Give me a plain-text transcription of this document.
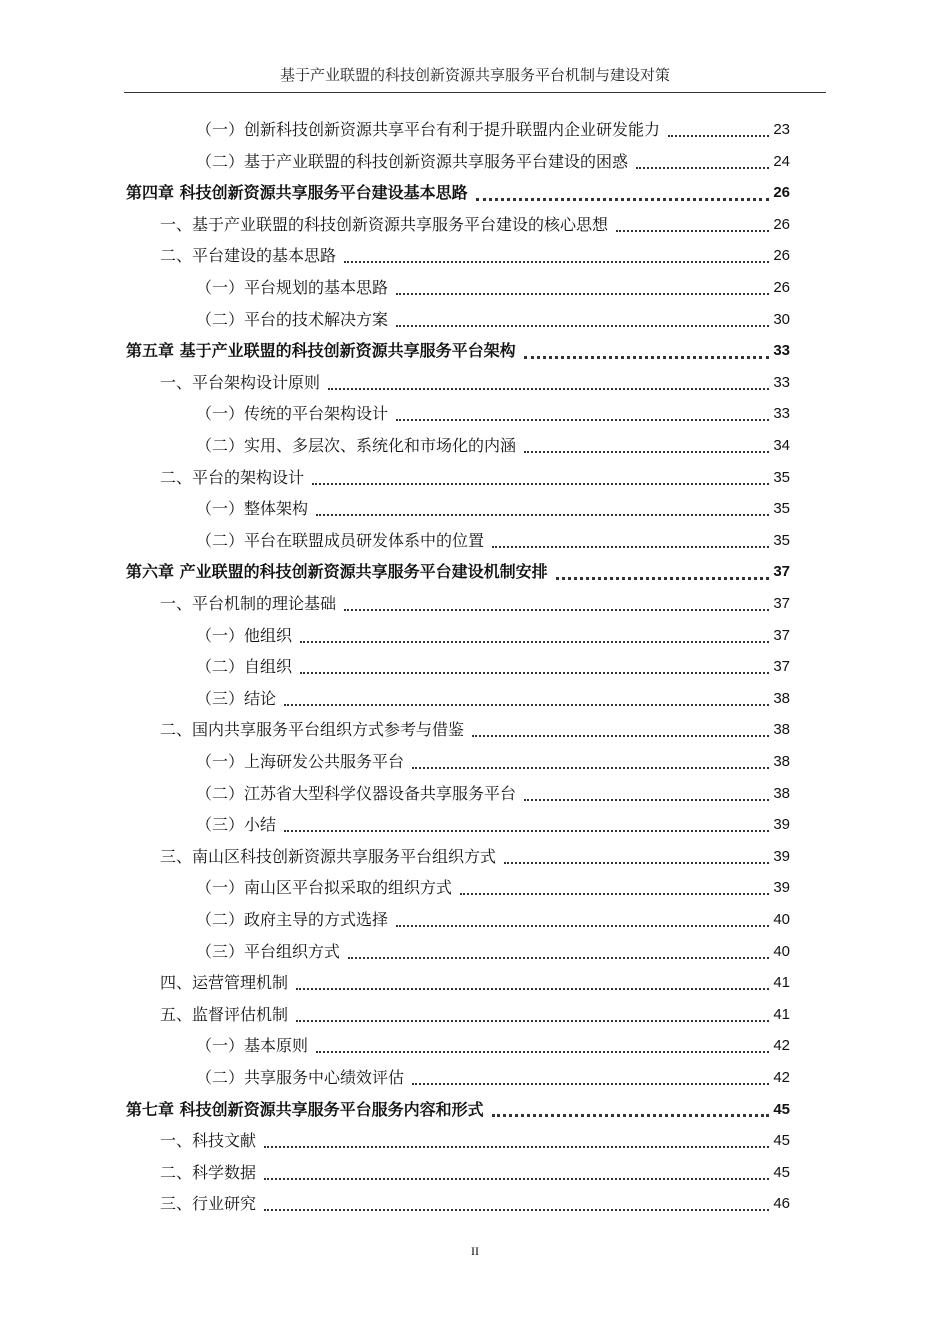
基于产业联盟的科技创新资源共享服务平台机制与建设对策
（一）创新科技创新资源共享平台有利于提升联盟内企业研发能力	23
（二）基于产业联盟的科技创新资源共享服务平台建设的困惑	24
第四章 科技创新资源共享服务平台建设基本思路	26
一、基于产业联盟的科技创新资源共享服务平台建设的核心思想	26
二、平台建设的基本思路	26
（一）平台规划的基本思路	26
（二）平台的技术解决方案	30
第五章 基于产业联盟的科技创新资源共享服务平台架构	33
一、平台架构设计原则	33
（一）传统的平台架构设计	33
（二）实用、多层次、系统化和市场化的内涵	34
二、平台的架构设计	35
（一）整体架构	35
（二）平台在联盟成员研发体系中的位置	35
第六章 产业联盟的科技创新资源共享服务平台建设机制安排	37
一、平台机制的理论基础	37
（一）他组织	37
（二）自组织	37
（三）结论	38
二、国内共享服务平台组织方式参考与借鉴	38
（一）上海研发公共服务平台	38
（二）江苏省大型科学仪器设备共享服务平台	38
（三）小结	39
三、南山区科技创新资源共享服务平台组织方式	39
（一）南山区平台拟采取的组织方式	39
（二）政府主导的方式选择	40
（三）平台组织方式	40
四、运营管理机制	41
五、监督评估机制	41
（一）基本原则	42
（二）共享服务中心绩效评估	42
第七章 科技创新资源共享服务平台服务内容和形式	45
一、科技文献	45
二、科学数据	45
三、行业研究	46
II
